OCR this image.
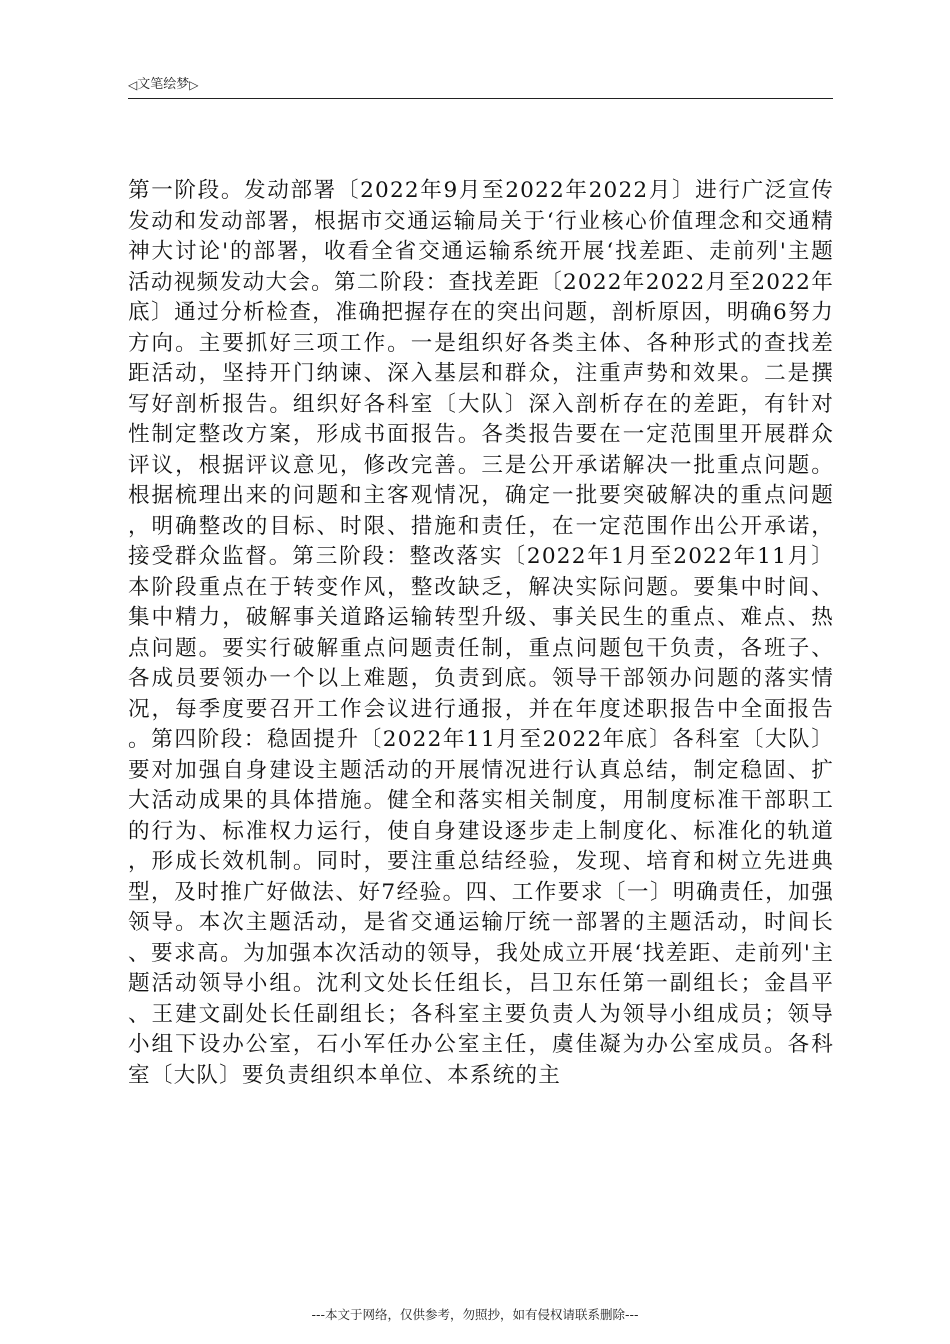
◁文笔绘梦▷

第一阶段。发动部署〔2022年9月至2022年2022月〕进行广泛宣传发动和发动部署，根据市交通运输局关于‘行业核心价值理念和交通精神大讨论'的部署，收看全省交通运输系统开展‘找差距、走前列'主题活动视频发动大会。第二阶段：查找差距〔2022年2022月至2022年底〕通过分析检查，准确把握存在的突出问题，剖析原因，明确6努力方向。主要抓好三项工作。一是组织好各类主体、各种形式的查找差距活动，坚持开门纳谏、深入基层和群众，注重声势和效果。二是撰写好剖析报告。组织好各科室〔大队〕深入剖析存在的差距，有针对性制定整改方案，形成书面报告。各类报告要在一定范围里开展群众评议，根据评议意见，修改完善。三是公开承诺解决一批重点问题。根据梳理出来的问题和主客观情况，确定一批要突破解决的重点问题，明确整改的目标、时限、措施和责任，在一定范围作出公开承诺，接受群众监督。第三阶段：整改落实〔2022年1月至2022年11月〕本阶段重点在于转变作风，整改缺乏，解决实际问题。要集中时间、集中精力，破解事关道路运输转型升级、事关民生的重点、难点、热点问题。要实行破解重点问题责任制，重点问题包干负责，各班子、各成员要领办一个以上难题，负责到底。领导干部领办问题的落实情况，每季度要召开工作会议进行通报，并在年度述职报告中全面报告。第四阶段：稳固提升〔2022年11月至2022年底〕各科室〔大队〕要对加强自身建设主题活动的开展情况进行认真总结，制定稳固、扩大活动成果的具体措施。健全和落实相关制度，用制度标准干部职工的行为、标准权力运行，使自身建设逐步走上制度化、标准化的轨道，形成长效机制。同时，要注重总结经验，发现、培育和树立先进典型，及时推广好做法、好7经验。四、工作要求〔一〕明确责任，加强领导。本次主题活动，是省交通运输厅统一部署的主题活动，时间长、要求高。为加强本次活动的领导，我处成立开展‘找差距、走前列'主题活动领导小组。沈利文处长任组长，吕卫东任第一副组长；金昌平、王建文副处长任副组长；各科室主要负责人为领导小组成员；领导小组下设办公室，石小军任办公室主任，虞佳凝为办公室成员。各科室〔大队〕要负责组织本单位、本系统的主

---本文于网络，仅供参考，勿照抄，如有侵权请联系删除---
